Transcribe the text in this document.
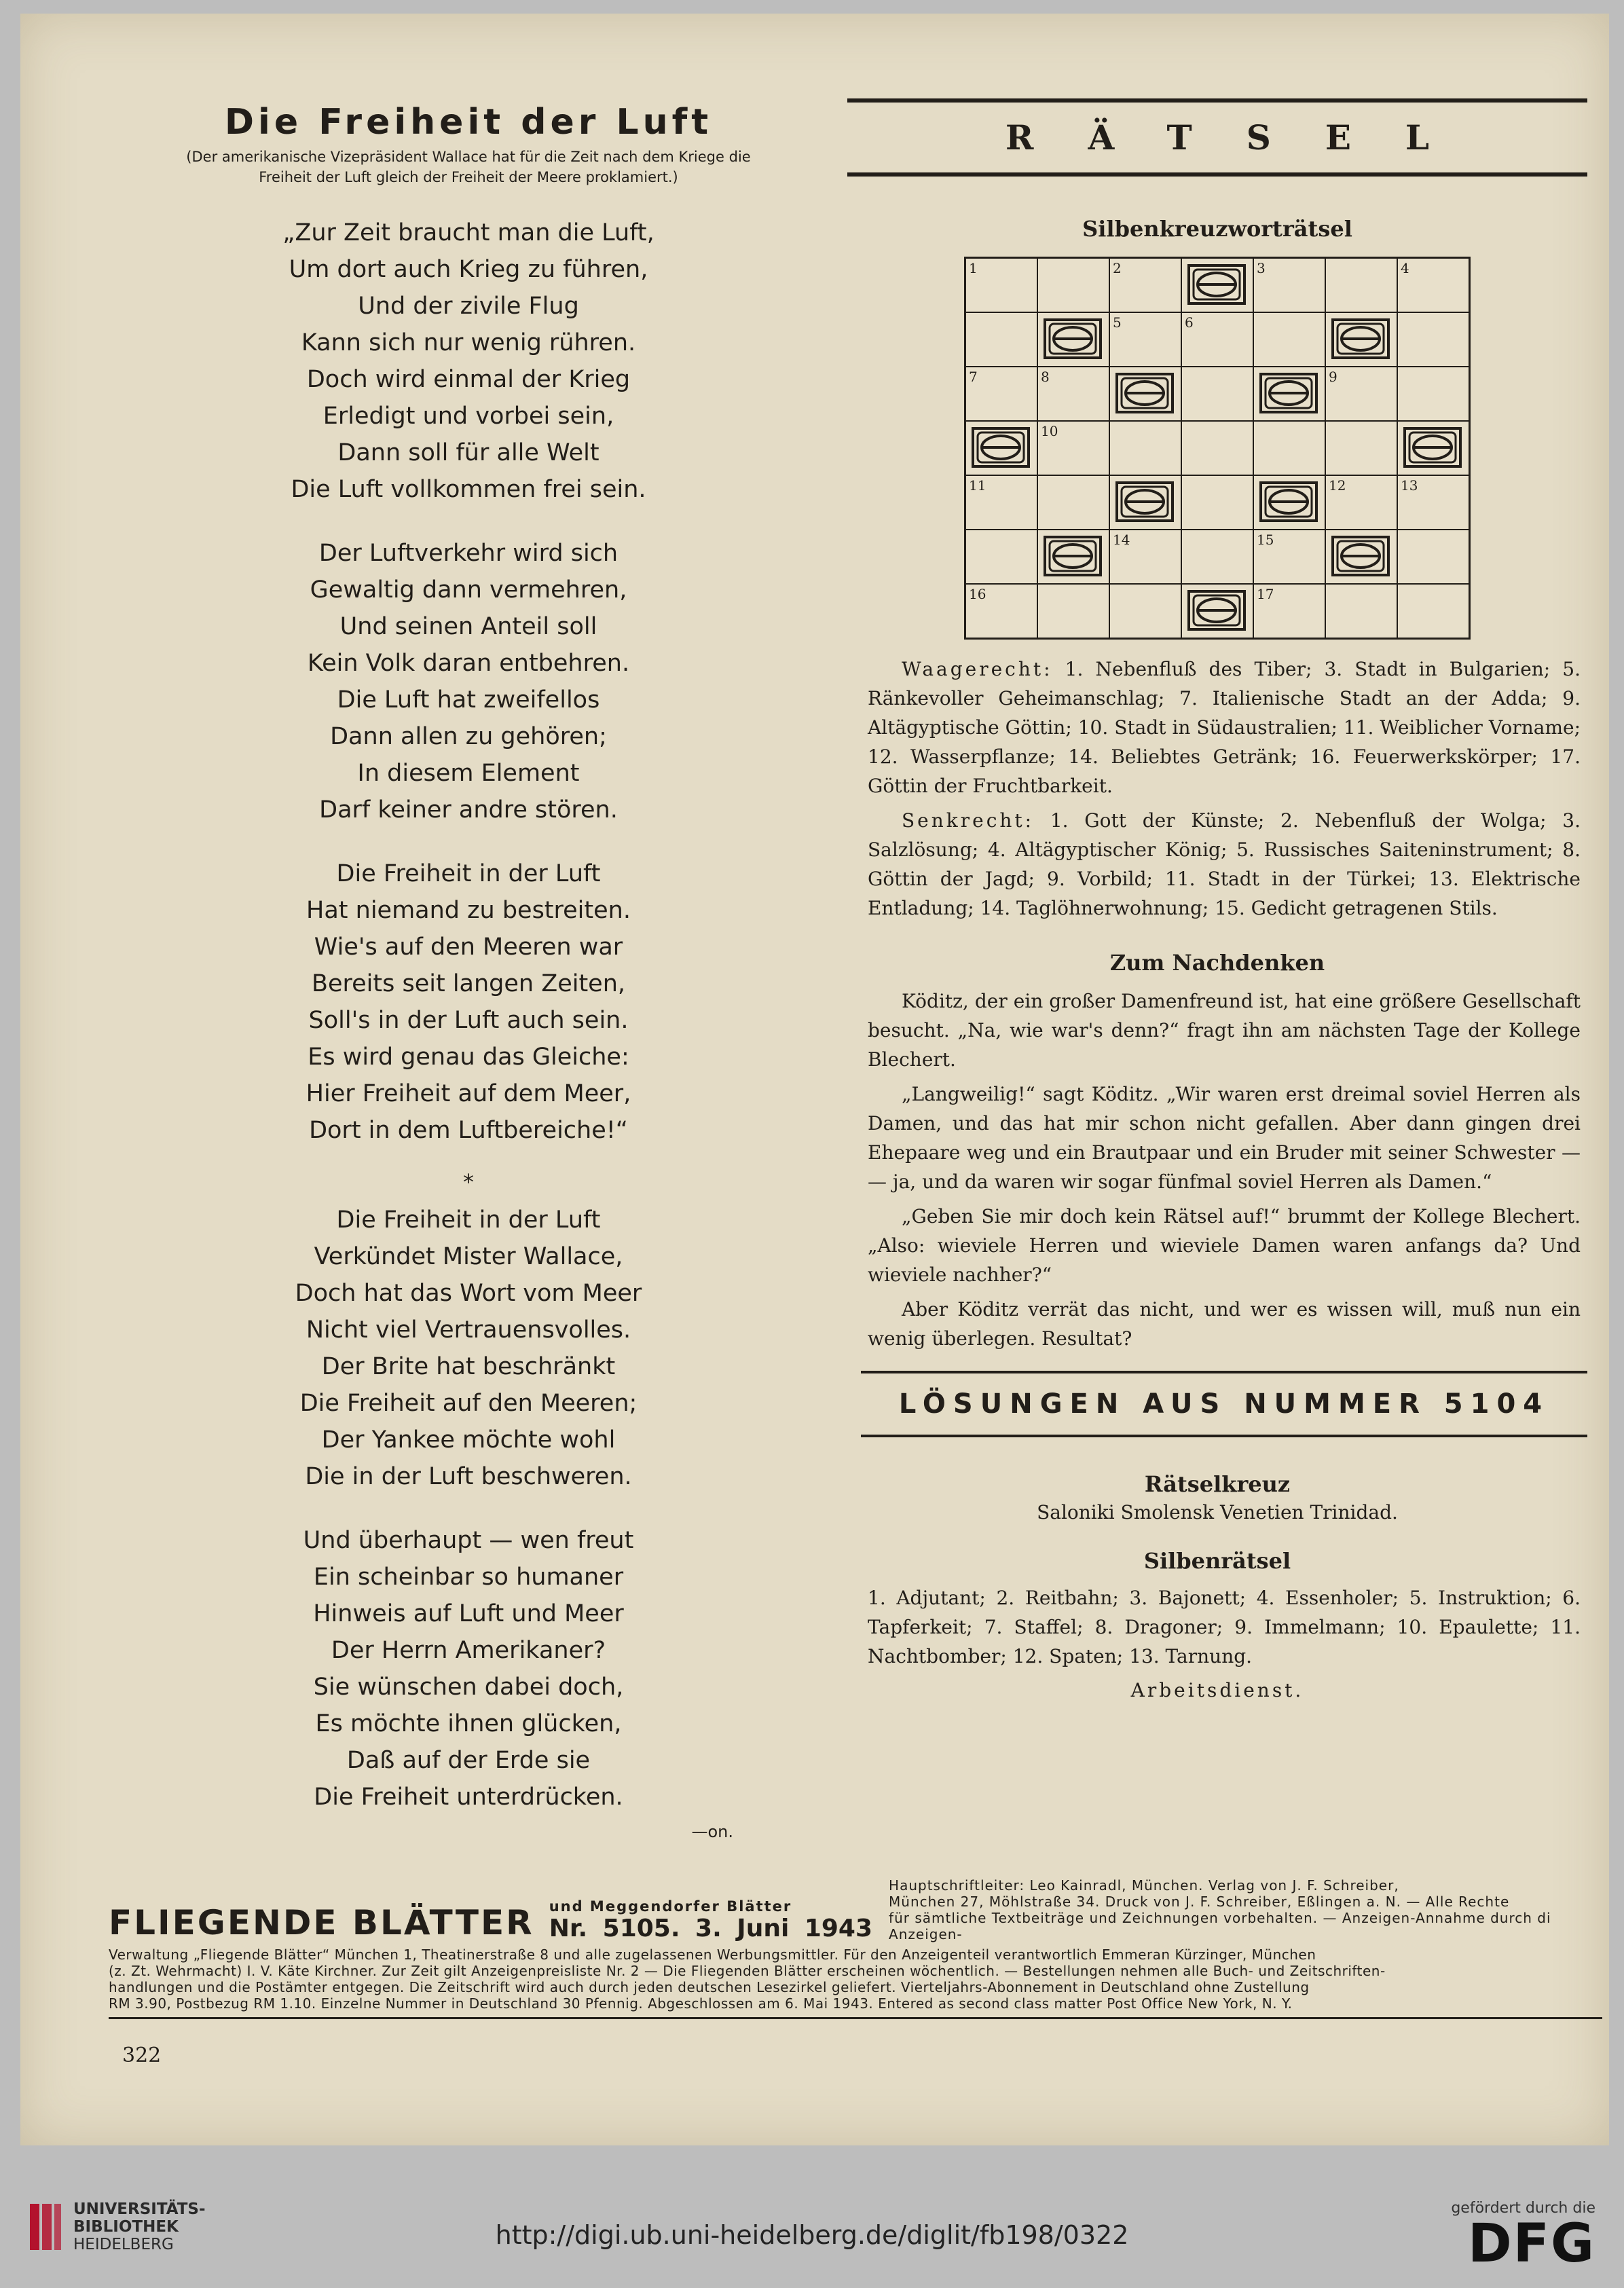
Die Freiheit der Luft
(Der amerikanische Vizepräsident Wallace hat für die Zeit nach dem Kriege die
Freiheit der Luft gleich der Freiheit der Meere proklamiert.)
„Zur Zeit braucht man die Luft,
Um dort auch Krieg zu führen,
Und der zivile Flug
Kann sich nur wenig rühren.
Doch wird einmal der Krieg
Erledigt und vorbei sein,
Dann soll für alle Welt
Die Luft vollkommen frei sein.
Der Luftverkehr wird sich
Gewaltig dann vermehren,
Und seinen Anteil soll
Kein Volk daran entbehren.
Die Luft hat zweifellos
Dann allen zu gehören;
In diesem Element
Darf keiner andre stören.
Die Freiheit in der Luft
Hat niemand zu bestreiten.
Wie's auf den Meeren war
Bereits seit langen Zeiten,
Soll's in der Luft auch sein.
Es wird genau das Gleiche:
Hier Freiheit auf dem Meer,
Dort in dem Luftbereiche!“
*
Die Freiheit in der Luft
Verkündet Mister Wallace,
Doch hat das Wort vom Meer
Nicht viel Vertrauensvolles.
Der Brite hat beschränkt
Die Freiheit auf den Meeren;
Der Yankee möchte wohl
Die in der Luft beschweren.
Und überhaupt — wen freut
Ein scheinbar so humaner
Hinweis auf Luft und Meer
Der Herrn Amerikaner?
Sie wünschen dabei doch,
Es möchte ihnen glücken,
Daß auf der Erde sie
Die Freiheit unterdrücken.
—on.
RÄTSEL
Silbenkreuzworträtsel
1		2		3		4

5	6

7	8				9	

10

11					12	13

14		15

16				17		

Waagerecht: 1. Nebenfluß des Tiber; 3. Stadt in Bulgarien; 5. Ränkevoller Geheimanschlag; 7. Italienische Stadt an der Adda; 9. Altägyptische Göttin; 10. Stadt in Südaustralien; 11. Weiblicher Vorname; 12. Wasserpflanze; 14. Beliebtes Getränk; 16. Feuerwerkskörper; 17. Göttin der Fruchtbarkeit.

Senkrecht: 1. Gott der Künste; 2. Nebenfluß der Wolga; 3. Salzlösung; 4. Altägyptischer König; 5. Russisches Saiteninstrument; 8. Göttin der Jagd; 9. Vorbild; 11. Stadt in der Türkei; 13. Elektrische Entladung; 14. Taglöhnerwohnung; 15. Gedicht getragenen Stils.

Zum Nachdenken

Köditz, der ein großer Damenfreund ist, hat eine größere Gesellschaft besucht. „Na, wie war's denn?“ fragt ihn am nächsten Tage der Kollege Blechert.

„Langweilig!“ sagt Köditz. „Wir waren erst dreimal soviel Herren als Damen, und das hat mir schon nicht gefallen. Aber dann gingen drei Ehepaare weg und ein Brautpaar und ein Bruder mit seiner Schwester — — ja, und da waren wir sogar fünfmal soviel Herren als Damen.“

„Geben Sie mir doch kein Rätsel auf!“ brummt der Kollege Blechert. „Also: wieviele Herren und wieviele Damen waren anfangs da? Und wieviele nachher?“

Aber Köditz verrät das nicht, und wer es wissen will, muß nun ein wenig überlegen. Resultat?

LÖSUNGEN AUS NUMMER 5104
Rätselkreuz
Saloniki Smolensk Venetien Trinidad.
Silbenrätsel

1. Adjutant; 2. Reitbahn; 3. Bajonett; 4. Essenholer; 5. Instruktion; 6. Tapferkeit; 7. Staffel; 8. Dragoner; 9. Immelmann; 10. Epaulette; 11. Nachtbomber; 12. Spaten; 13. Tarnung.

Arbeitsdienst.
FLIEGENDE BLÄTTER und Meggendorfer Blätter
Nr. 5105. 3. Juni 1943
Hauptschriftleiter: Leo Kainradl, München. Verlag von J. F. Schreiber,
München 27, Möhlstraße 34. Druck von J. F. Schreiber, Eßlingen a. N. — Alle Rechte
für sämtliche Textbeiträge und Zeichnungen vorbehalten. — Anzeigen-Annahme durch di Anzeigen-
Verwaltung „Fliegende Blätter“ München 1, Theatinerstraße 8 und alle zugelassenen Werbungsmittler. Für den Anzeigenteil verantwortlich Emmeran Kürzinger, München
(z. Zt. Wehrmacht) I. V. Käte Kirchner. Zur Zeit gilt Anzeigenpreisliste Nr. 2 — Die Fliegenden Blätter erscheinen wöchentlich. — Bestellungen nehmen alle Buch- und Zeitschriften-
handlungen und die Postämter entgegen. Die Zeitschrift wird auch durch jeden deutschen Lesezirkel geliefert. Vierteljahrs-Abonnement in Deutschland ohne Zustellung
RM 3.90, Postbezug RM 1.10. Einzelne Nummer in Deutschland 30 Pfennig. Abgeschlossen am 6. Mai 1943. Entered as second class matter Post Office New York, N. Y.
322
UNIVERSITÄTS-
BIBLIOTHEK
HEIDELBERG	http://digi.ub.uni-heidelberg.de/diglit/fb198/0322
gefördert durch die
DFG
